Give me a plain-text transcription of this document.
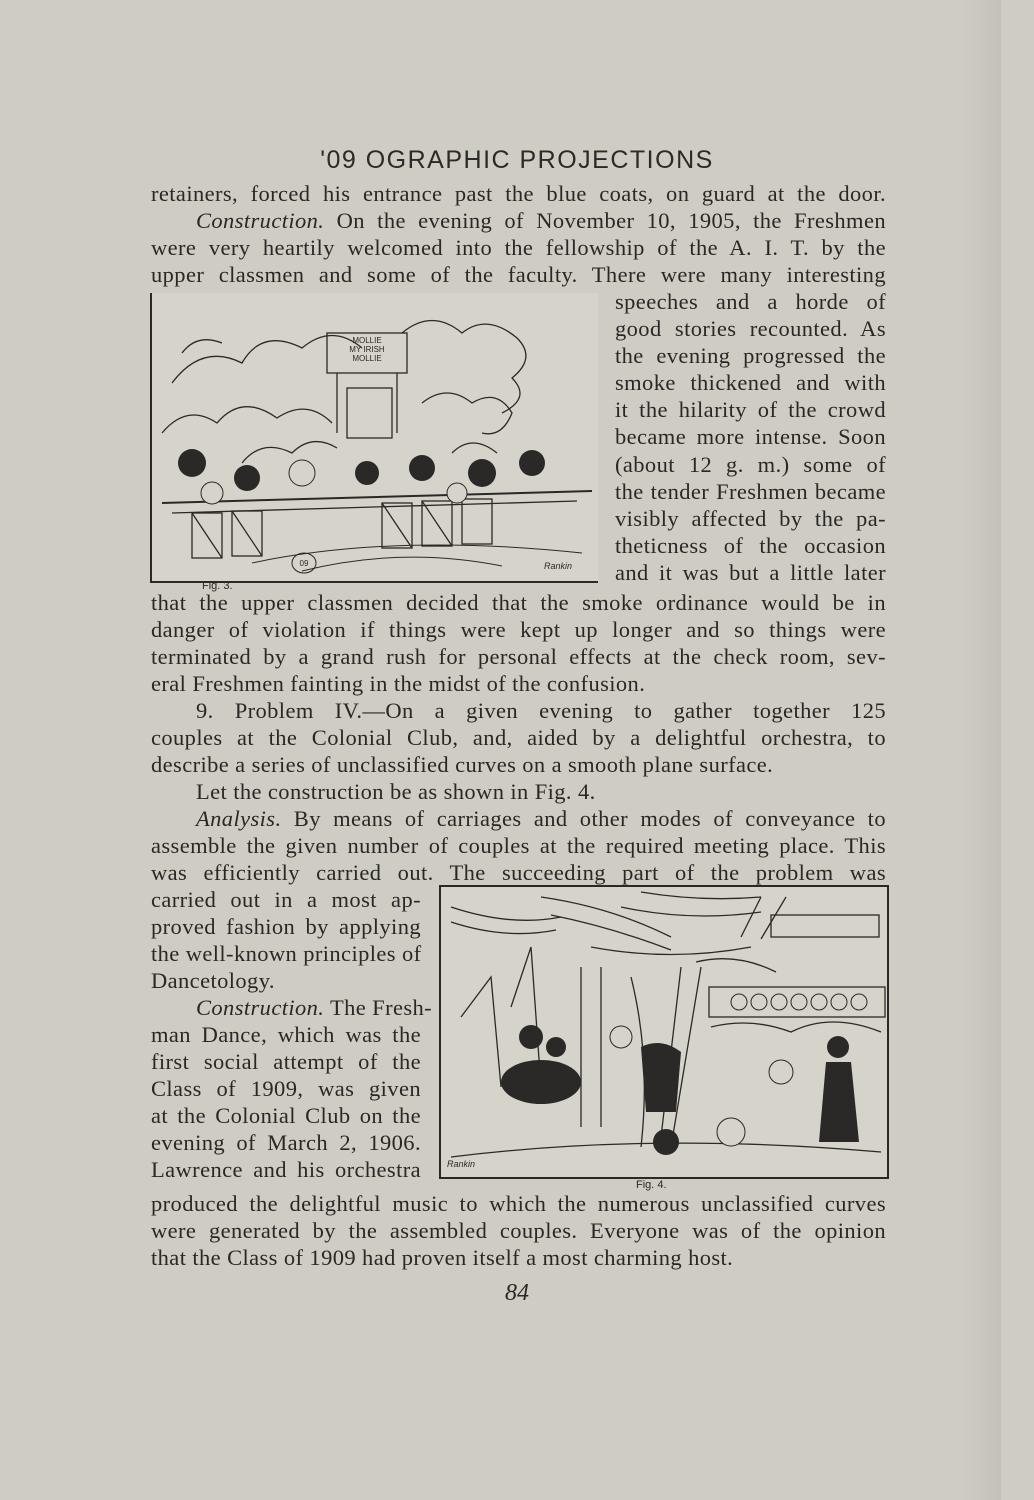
'09 OGRAPHIC PROJECTIONS
retainers, forced his entrance past the blue coats, on guard at the door.
Construction. On the evening of November 10, 1905, the Freshmen
were very heartily welcomed into the fellowship of the A. I. T. by the
upper classmen and some of the faculty. There were many interesting
speeches and a horde of
good stories recounted. As
the evening progressed the
smoke thickened and with
it the hilarity of the crowd
became more intense. Soon
(about 12 g. m.) some of
the tender Freshmen became
visibly affected by the pa-
theticness of the occasion
and it was but a little later
MOLLIE MY IRISH MOLLIE
09	Rankin
Fig. 3.
that the upper classmen decided that the smoke ordinance would be in
danger of violation if things were kept up longer and so things were
terminated by a grand rush for personal effects at the check room, sev-
eral Freshmen fainting in the midst of the confusion.
9. Problem IV.—On a given evening to gather together 125
couples at the Colonial Club, and, aided by a delightful orchestra, to
describe a series of unclassified curves on a smooth plane surface.
Let the construction be as shown in Fig. 4.
Analysis. By means of carriages and other modes of conveyance to
assemble the given number of couples at the required meeting place. This
was efficiently carried out. The succeeding part of the problem was
carried out in a most ap-
proved fashion by applying
the well-known principles of
Dancetology.
Construction. The Fresh-
man Dance, which was the
first social attempt of the
Class of 1909, was given
at the Colonial Club on the
evening of March 2, 1906.
Lawrence and his orchestra	Rankin
Fig. 4.
produced the delightful music to which the numerous unclassified curves
were generated by the assembled couples. Everyone was of the opinion
that the Class of 1909 had proven itself a most charming host.
84
